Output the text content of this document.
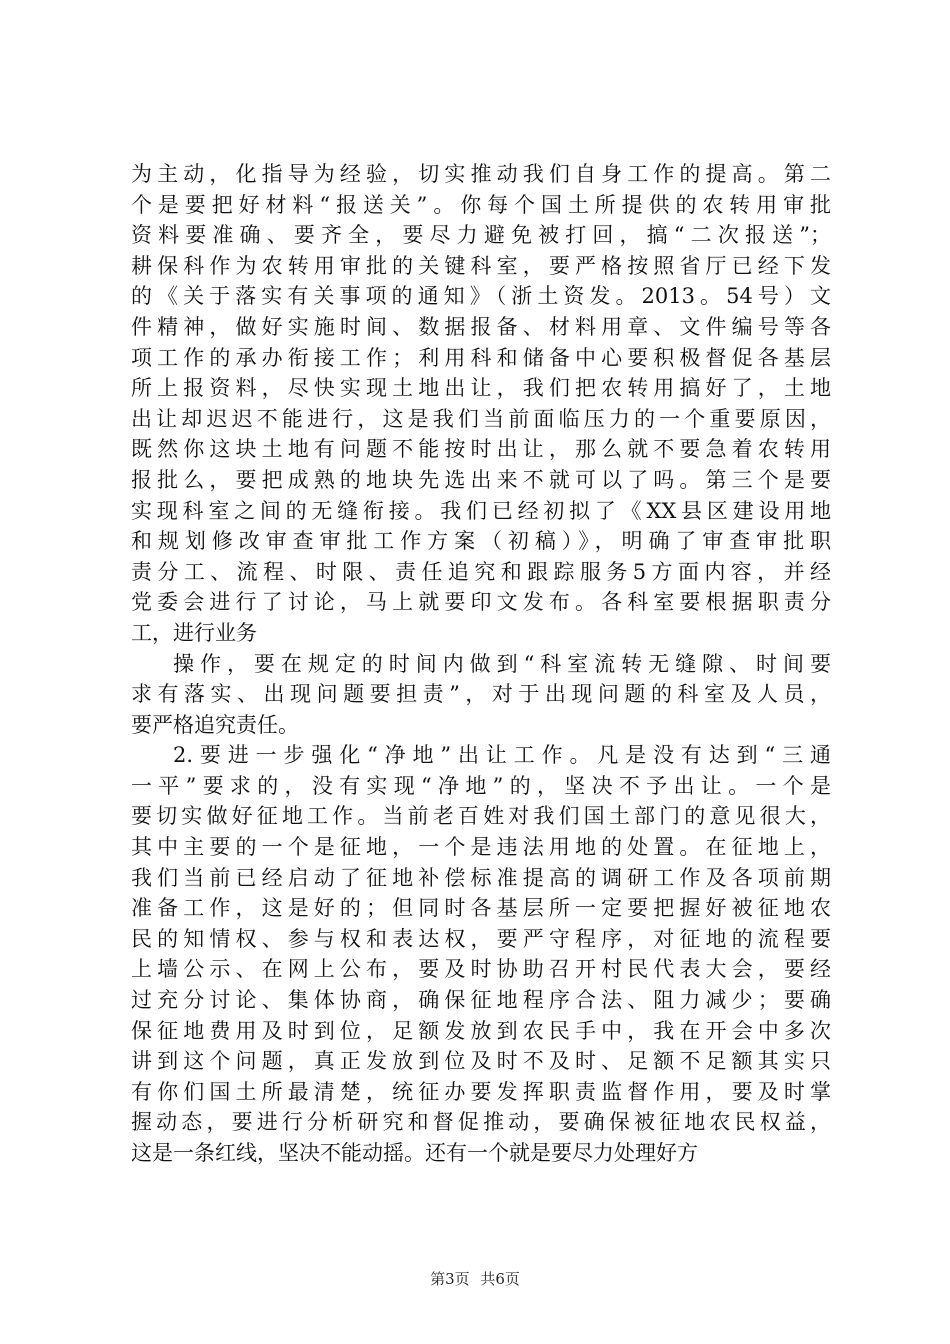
为主动，化指导为经验，切实推动我们自身工作的提高。第二
个是要把好材料“报送关”。你每个国土所提供的农转用审批
资料要准确、要齐全，要尽力避免被打回，搞“二次报送”；
耕保科作为农转用审批的关键科室，要严格按照省厅已经下发
的《关于落实有关事项的通知》（浙土资发。2013。54号）文
件精神，做好实施时间、数据报备、材料用章、文件编号等各
项工作的承办衔接工作；利用科和储备中心要积极督促各基层
所上报资料，尽快实现土地出让，我们把农转用搞好了，土地
出让却迟迟不能进行，这是我们当前面临压力的一个重要原因，
既然你这块土地有问题不能按时出让，那么就不要急着农转用
报批么，要把成熟的地块先选出来不就可以了吗。第三个是要
实现科室之间的无缝衔接。我们已经初拟了《XX县区建设用地
和规划修改审查审批工作方案（初稿）》，明确了审查审批职
责分工、流程、时限、责任追究和跟踪服务5方面内容，并经
党委会进行了讨论，马上就要印文发布。各科室要根据职责分
工，进行业务
操作，要在规定的时间内做到“科室流转无缝隙、时间要
求有落实、出现问题要担责”，对于出现问题的科室及人员，
要严格追究责任。
2.要进一步强化“净地”出让工作。凡是没有达到“三通
一平”要求的，没有实现“净地”的，坚决不予出让。一个是
要切实做好征地工作。当前老百姓对我们国土部门的意见很大，
其中主要的一个是征地，一个是违法用地的处置。在征地上，
我们当前已经启动了征地补偿标准提高的调研工作及各项前期
准备工作，这是好的；但同时各基层所一定要把握好被征地农
民的知情权、参与权和表达权，要严守程序，对征地的流程要
上墙公示、在网上公布，要及时协助召开村民代表大会，要经
过充分讨论、集体协商，确保征地程序合法、阻力减少；要确
保征地费用及时到位，足额发放到农民手中，我在开会中多次
讲到这个问题，真正发放到位及时不及时、足额不足额其实只
有你们国土所最清楚，统征办要发挥职责监督作用，要及时掌
握动态，要进行分析研究和督促推动，要确保被征地农民权益，
这是一条红线，坚决不能动摇。还有一个就是要尽力处理好方
第3页 共6页
